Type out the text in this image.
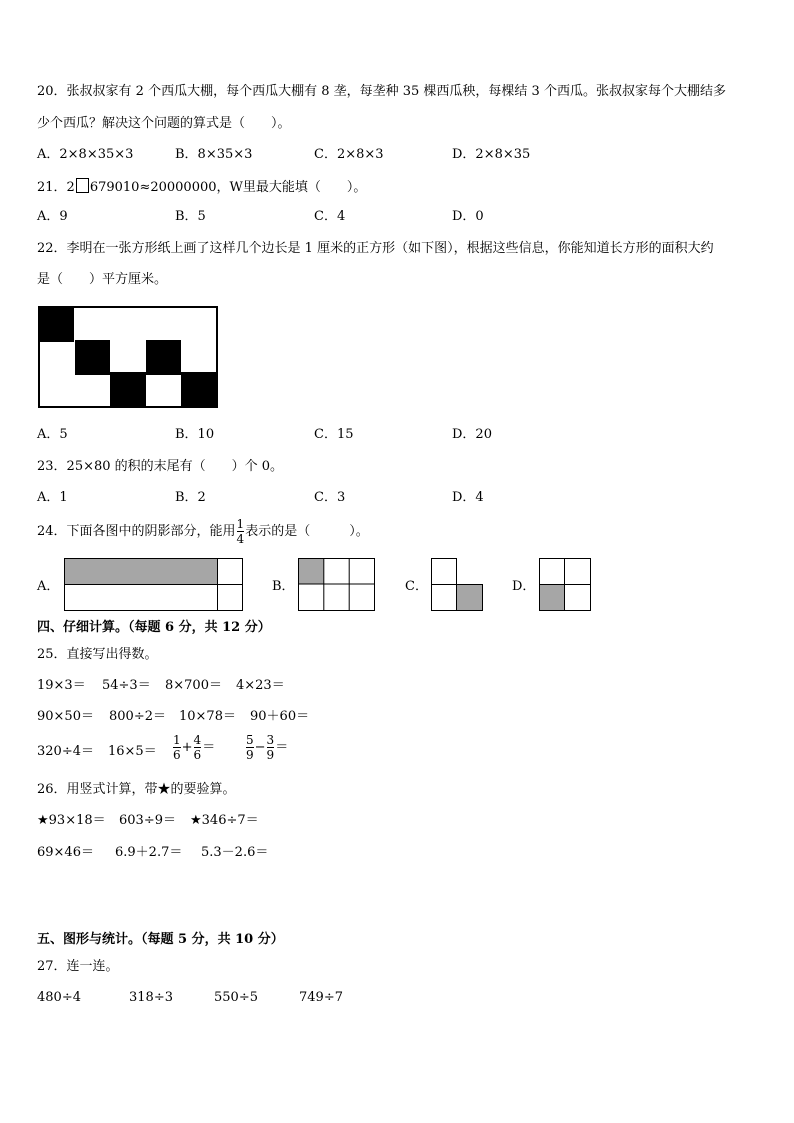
20．张叔叔家有 2 个西瓜大棚，每个西瓜大棚有 8 垄，每垄种 35 棵西瓜秧，每棵结 3 个西瓜。张叔叔家每个大棚结多
少个西瓜？解决这个问题的算式是（　　）。
A．2×8×35×3	B．8×35×3	C．2×8×3	D．2×8×35
21．2 679010≈20000000，W里最大能填（　　）。
A．9	B．5	C．4	D．0
22．李明在一张方形纸上画了这样几个边长是 1 厘米的正方形（如下图），根据这些信息，你能知道长方形的面积大约
是（　　）平方厘米。
A．5	B．10	C．15	D．20
23．25×80 的积的末尾有（　　）个 0。
A．1	B．2	C．3	D．4
24．下面各图中的阴影部分，能用 $\frac{1}{4}$ 表示的是（　　　）。
A．	B．	C．	D．
四、仔细计算。（每题 6 分，共 12 分）
25．直接写出得数。
19×3＝ 54÷3＝ 8×700＝ 4×23＝
90×50＝ 800÷2＝ 10×78＝ 90＋60＝
$320\div 4= 16\times 5= \frac{1}{6} + \frac{4}{6}$ ＝	$\frac{5}{9} - \frac{3}{9}$ ＝
26．用竖式计算，带★的要验算。
★93×18＝ 603÷9＝ ★346÷7＝
69×46＝ 6.9＋2.7＝ 5.3－2.6＝
五、图形与统计。（每题 5 分，共 10 分）
27．连一连。
480÷4	318÷3	550÷5	749÷7
